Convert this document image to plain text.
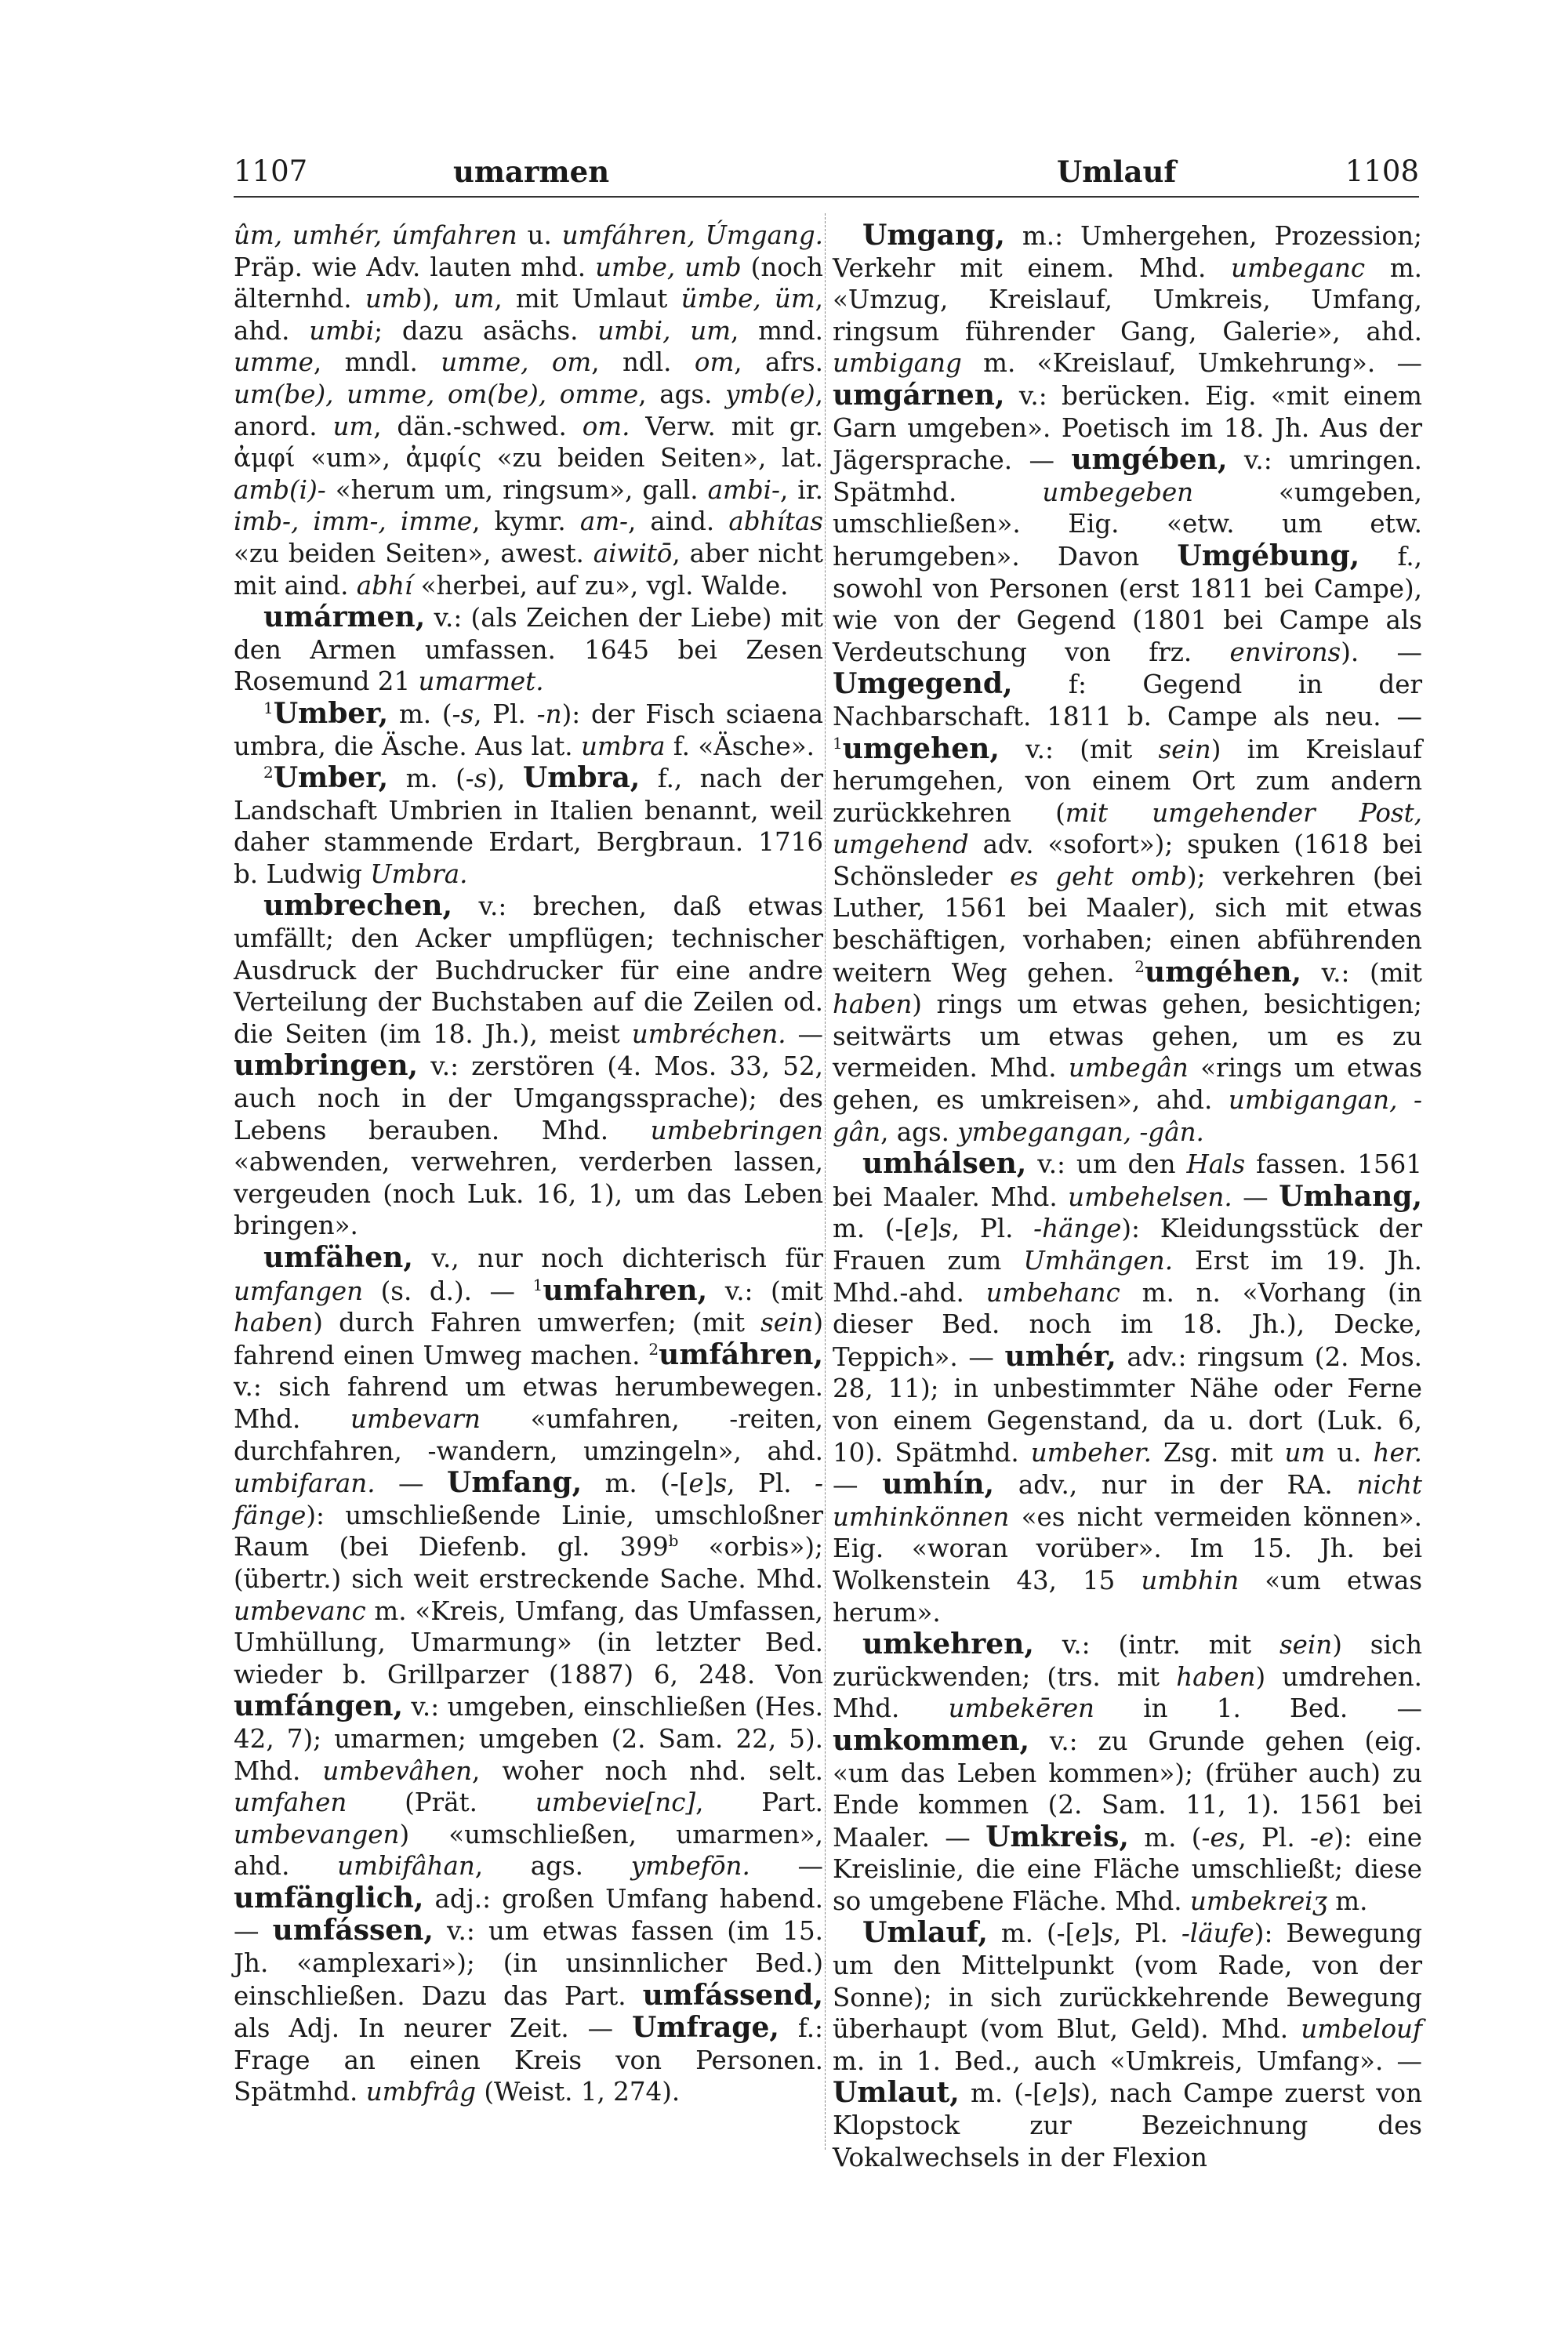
1107	umarmen	Umlauf	1108
ûm, umhér, úmfahren u. umfáhren, Úmgang. Präp. wie Adv. lauten mhd. umbe, umb (noch älternhd. umb), um, mit Umlaut ümbe, üm, ahd. umbi; dazu asächs. umbi, um, mnd. umme, mndl. umme, om, ndl. om, afrs. um(be), umme, om(be), omme, ags. ymb(e), anord. um, dän.-schwed. om. Verw. mit gr. ἀμφί «um», ἀμφίς «zu beiden Seiten», lat. amb(i)- «herum um, ringsum», gall. ambi-, ir. imb-, imm-, imme, kymr. am-, aind. abhítas «zu beiden Seiten», awest. aiwitō, aber nicht mit aind. abhí «herbei, auf zu», vgl. Walde.
umármen, v.: (als Zeichen der Liebe) mit den Armen umfassen. 1645 bei Zesen Rosemund 21 umarmet.
$^1$Umber, m. (-s, Pl. -n): der Fisch sciaena umbra, die Äsche. Aus lat. umbra f. «Äsche».
$^2$Umber, m. (-s), Umbra, f., nach der Landschaft Umbrien in Italien benannt, weil daher stammende Erdart, Bergbraun. 1716 b. Ludwig Umbra.
umbrechen, v.: brechen, daß etwas umfällt; den Acker umpflügen; technischer Ausdruck der Buchdrucker für eine andre Verteilung der Buchstaben auf die Zeilen od. die Seiten (im 18. Jh.), meist umbréchen. — umbringen, v.: zerstören (4. Mos. 33, 52, auch noch in der Umgangssprache); des Lebens berauben. Mhd. umbebringen «abwenden, verwehren, verderben lassen, vergeuden (noch Luk. 16, 1), um das Leben bringen».
umfähen, v., nur noch dichterisch für umfangen (s. d.). — $^1$umfahren, v.: (mit haben) durch Fahren umwerfen; (mit sein) fahrend einen Umweg machen. $^2$umfáhren, v.: sich fahrend um etwas herumbewegen. Mhd. umbevarn «umfahren, -reiten, durchfahren, -wandern, umzingeln», ahd. umbifaran. — Umfang, m. (-[e]s, Pl. -fänge): umschließende Linie, umschloßner Raum (bei Diefenb. gl. 399$^b$ «orbis»); (übertr.) sich weit erstreckende Sache. Mhd. umbevanc m. «Kreis, Umfang, das Umfassen, Umhüllung, Umarmung» (in letzter Bed. wieder b. Grillparzer (1887) 6, 248. Von umfángen, v.: umgeben, einschließen (Hes. 42, 7); umarmen; umgeben (2. Sam. 22, 5). Mhd. umbevâhen, woher noch nhd. selt. umfahen (Prät. umbevie[nc], Part. umbevangen) «umschließen, umarmen», ahd. umbifâhan, ags. ymbefōn. — umfänglich, adj.: großen Umfang habend. — umfássen, v.: um etwas fassen (im 15. Jh. «amplexari»); (in unsinnlicher Bed.) einschließen. Dazu das Part. umfássend, als Adj. In neurer Zeit. — Umfrage, f.: Frage an einen Kreis von Personen. Spätmhd. umbfrâg (Weist. 1, 274).
Umgang, m.: Umhergehen, Prozession; Verkehr mit einem. Mhd. umbeganc m. «Umzug, Kreislauf, Umkreis, Umfang, ringsum führender Gang, Galerie», ahd. umbigang m. «Kreislauf, Umkehrung». — umgárnen, v.: berücken. Eig. «mit einem Garn umgeben». Poetisch im 18. Jh. Aus der Jägersprache. — umgében, v.: umringen. Spätmhd. umbegeben «umgeben, umschließen». Eig. «etw. um etw. herumgeben». Davon Umgébung, f., sowohl von Personen (erst 1811 bei Campe), wie von der Gegend (1801 bei Campe als Verdeutschung von frz. environs). — Umgegend, f: Gegend in der Nachbarschaft. 1811 b. Campe als neu. — $^1$umgehen, v.: (mit sein) im Kreislauf herumgehen, von einem Ort zum andern zurückkehren (mit umgehender Post, umgehend adv. «sofort»); spuken (1618 bei Schönsleder es geht omb); verkehren (bei Luther, 1561 bei Maaler), sich mit etwas beschäftigen, vorhaben; einen abführenden weitern Weg gehen. $^2$umgéhen, v.: (mit haben) rings um etwas gehen, besichtigen; seitwärts um etwas gehen, um es zu vermeiden. Mhd. umbegân «rings um etwas gehen, es umkreisen», ahd. umbigangan, -gân, ags. ymbegangan, -gân.
umhálsen, v.: um den Hals fassen. 1561 bei Maaler. Mhd. umbehelsen. — Umhang, m. (-[e]s, Pl. -hänge): Kleidungsstück der Frauen zum Umhängen. Erst im 19. Jh. Mhd.-ahd. umbehanc m. n. «Vorhang (in dieser Bed. noch im 18. Jh.), Decke, Teppich». — umhér, adv.: ringsum (2. Mos. 28, 11); in unbestimmter Nähe oder Ferne von einem Gegenstand, da u. dort (Luk. 6, 10). Spätmhd. umbeher. Zsg. mit um u. her. — umhín, adv., nur in der RA. nicht umhinkönnen «es nicht vermeiden können». Eig. «woran vorüber». Im 15. Jh. bei Wolkenstein 43, 15 umbhin «um etwas herum».
umkehren, v.: (intr. mit sein) sich zurückwenden; (trs. mit haben) umdrehen. Mhd. umbekēren in 1. Bed. — umkommen, v.: zu Grunde gehen (eig. «um das Leben kommen»); (früher auch) zu Ende kommen (2. Sam. 11, 1). 1561 bei Maaler. — Umkreis, m. (-es, Pl. -e): eine Kreislinie, die eine Fläche umschließt; diese so umgebene Fläche. Mhd. umbekreiʒ m.
Umlauf, m. (-[e]s, Pl. -läufe): Bewegung um den Mittelpunkt (vom Rade, von der Sonne); in sich zurückkehrende Bewegung überhaupt (vom Blut, Geld). Mhd. umbelouf m. in 1. Bed., auch «Umkreis, Umfang». — Umlaut, m. (-[e]s), nach Campe zuerst von Klopstock zur Bezeichnung des Vokalwechsels in der Flexion
